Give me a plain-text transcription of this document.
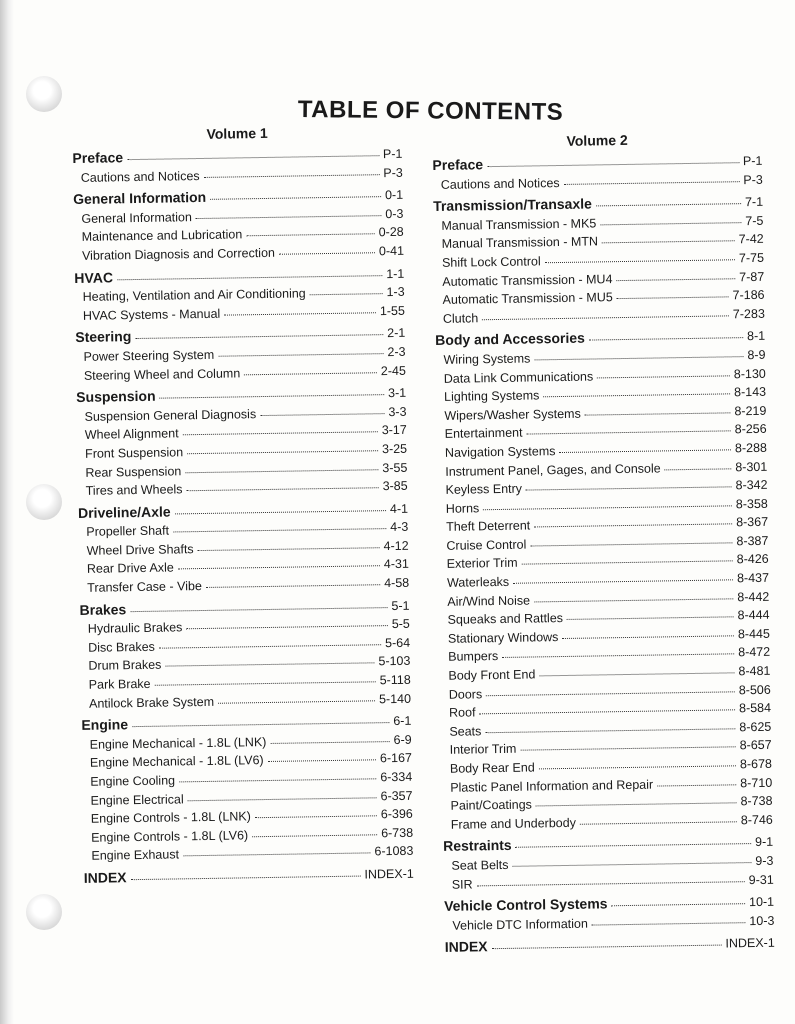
TABLE OF CONTENTS
Volume 1
Preface	P-1
Cautions and Notices	P-3
General Information	0-1
General Information	0-3
Maintenance and Lubrication	0-28
Vibration Diagnosis and Correction	0-41
HVAC	1-1
Heating, Ventilation and Air Conditioning	1-3
HVAC Systems - Manual	1-55
Steering	2-1
Power Steering System	2-3
Steering Wheel and Column	2-45
Suspension	3-1
Suspension General Diagnosis	3-3
Wheel Alignment	3-17
Front Suspension	3-25
Rear Suspension	3-55
Tires and Wheels	3-85
Driveline/Axle	4-1
Propeller Shaft	4-3
Wheel Drive Shafts	4-12
Rear Drive Axle	4-31
Transfer Case - Vibe	4-58
Brakes	5-1
Hydraulic Brakes	5-5
Disc Brakes	5-64
Drum Brakes	5-103
Park Brake	5-118
Antilock Brake System	5-140
Engine	6-1
Engine Mechanical - 1.8L (LNK)	6-9
Engine Mechanical - 1.8L (LV6)	6-167
Engine Cooling	6-334
Engine Electrical	6-357
Engine Controls - 1.8L (LNK)	6-396
Engine Controls - 1.8L (LV6)	6-738
Engine Exhaust	6-1083
INDEX	INDEX-1
Volume 2
Preface	P-1
Cautions and Notices	P-3
Transmission/Transaxle	7-1
Manual Transmission - MK5	7-5
Manual Transmission - MTN	7-42
Shift Lock Control	7-75
Automatic Transmission - MU4	7-87
Automatic Transmission - MU5	7-186
Clutch	7-283
Body and Accessories	8-1
Wiring Systems	8-9
Data Link Communications	8-130
Lighting Systems	8-143
Wipers/Washer Systems	8-219
Entertainment	8-256
Navigation Systems	8-288
Instrument Panel, Gages, and Console	8-301
Keyless Entry	8-342
Horns	8-358
Theft Deterrent	8-367
Cruise Control	8-387
Exterior Trim	8-426
Waterleaks	8-437
Air/Wind Noise	8-442
Squeaks and Rattles	8-444
Stationary Windows	8-445
Bumpers	8-472
Body Front End	8-481
Doors	8-506
Roof	8-584
Seats	8-625
Interior Trim	8-657
Body Rear End	8-678
Plastic Panel Information and Repair	8-710
Paint/Coatings	8-738
Frame and Underbody	8-746
Restraints	9-1
Seat Belts	9-3
SIR	9-31
Vehicle Control Systems	10-1
Vehicle DTC Information	10-3
INDEX	INDEX-1
